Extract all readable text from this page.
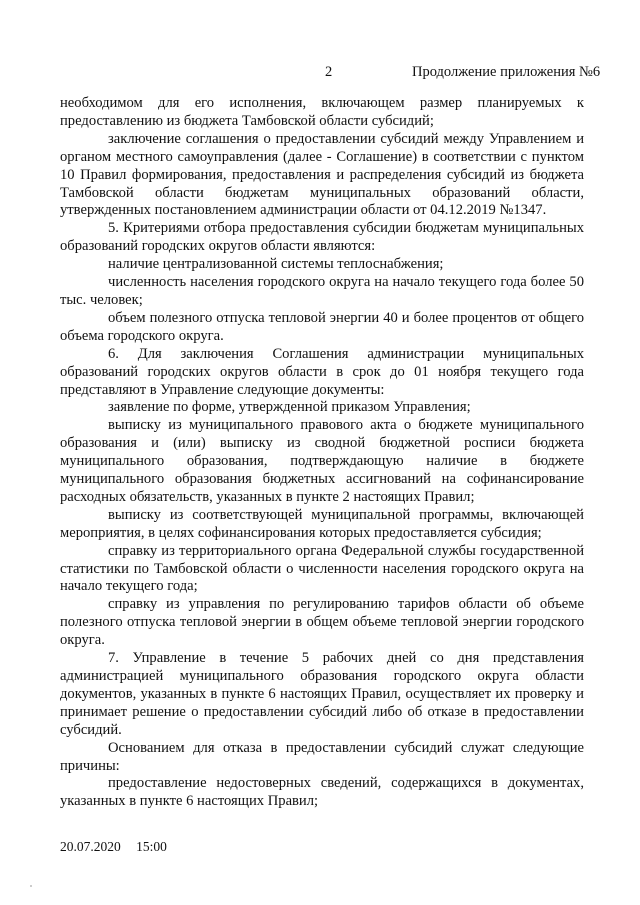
2	Продолжение приложения №6

необходимом для его исполнения, включающем размер планируемых к предоставлению из бюджета Тамбовской области субсидий;

заключение соглашения о предоставлении субсидий между Управлением и органом местного самоуправления (далее - Соглашение) в соответствии с пунктом 10 Правил формирования, предоставления и распределения субсидий из бюджета Тамбовской области бюджетам муниципальных образований области, утвержденных постановлением администрации области от 04.12.2019 №1347.

5. Критериями отбора предоставления субсидии бюджетам муниципальных образований городских округов области являются:

наличие централизованной системы теплоснабжения;

численность населения городского округа на начало текущего года более 50 тыс. человек;

объем полезного отпуска тепловой энергии 40 и более процентов от общего объема городского округа.

6. Для заключения Соглашения администрации муниципальных образований городских округов области в срок до 01 ноября текущего года представляют в Управление следующие документы:

заявление по форме, утвержденной приказом Управления;

выписку из муниципального правового акта о бюджете муниципального образования и (или) выписку из сводной бюджетной росписи бюджета муниципального образования, подтверждающую наличие в бюджете муниципального образования бюджетных ассигнований на софинансирование расходных обязательств, указанных в пункте 2 настоящих Правил;

выписку из соответствующей муниципальной программы, включающей мероприятия, в целях софинансирования которых предоставляется субсидия;

справку из территориального органа Федеральной службы государственной статистики по Тамбовской области о численности населения городского округа на начало текущего года;

справку из управления по регулированию тарифов области об объеме полезного отпуска тепловой энергии в общем объеме тепловой энергии городского округа.

7. Управление в течение 5 рабочих дней со дня представления администрацией муниципального образования городского округа области документов, указанных в пункте 6 настоящих Правил, осуществляет их проверку и принимает решение о предоставлении субсидий либо об отказе в предоставлении субсидий.

Основанием для отказа в предоставлении субсидий служат следующие причины:

предоставление недостоверных сведений, содержащихся в документах, указанных в пункте 6 настоящих Правил;

20.07.2020 15:00
